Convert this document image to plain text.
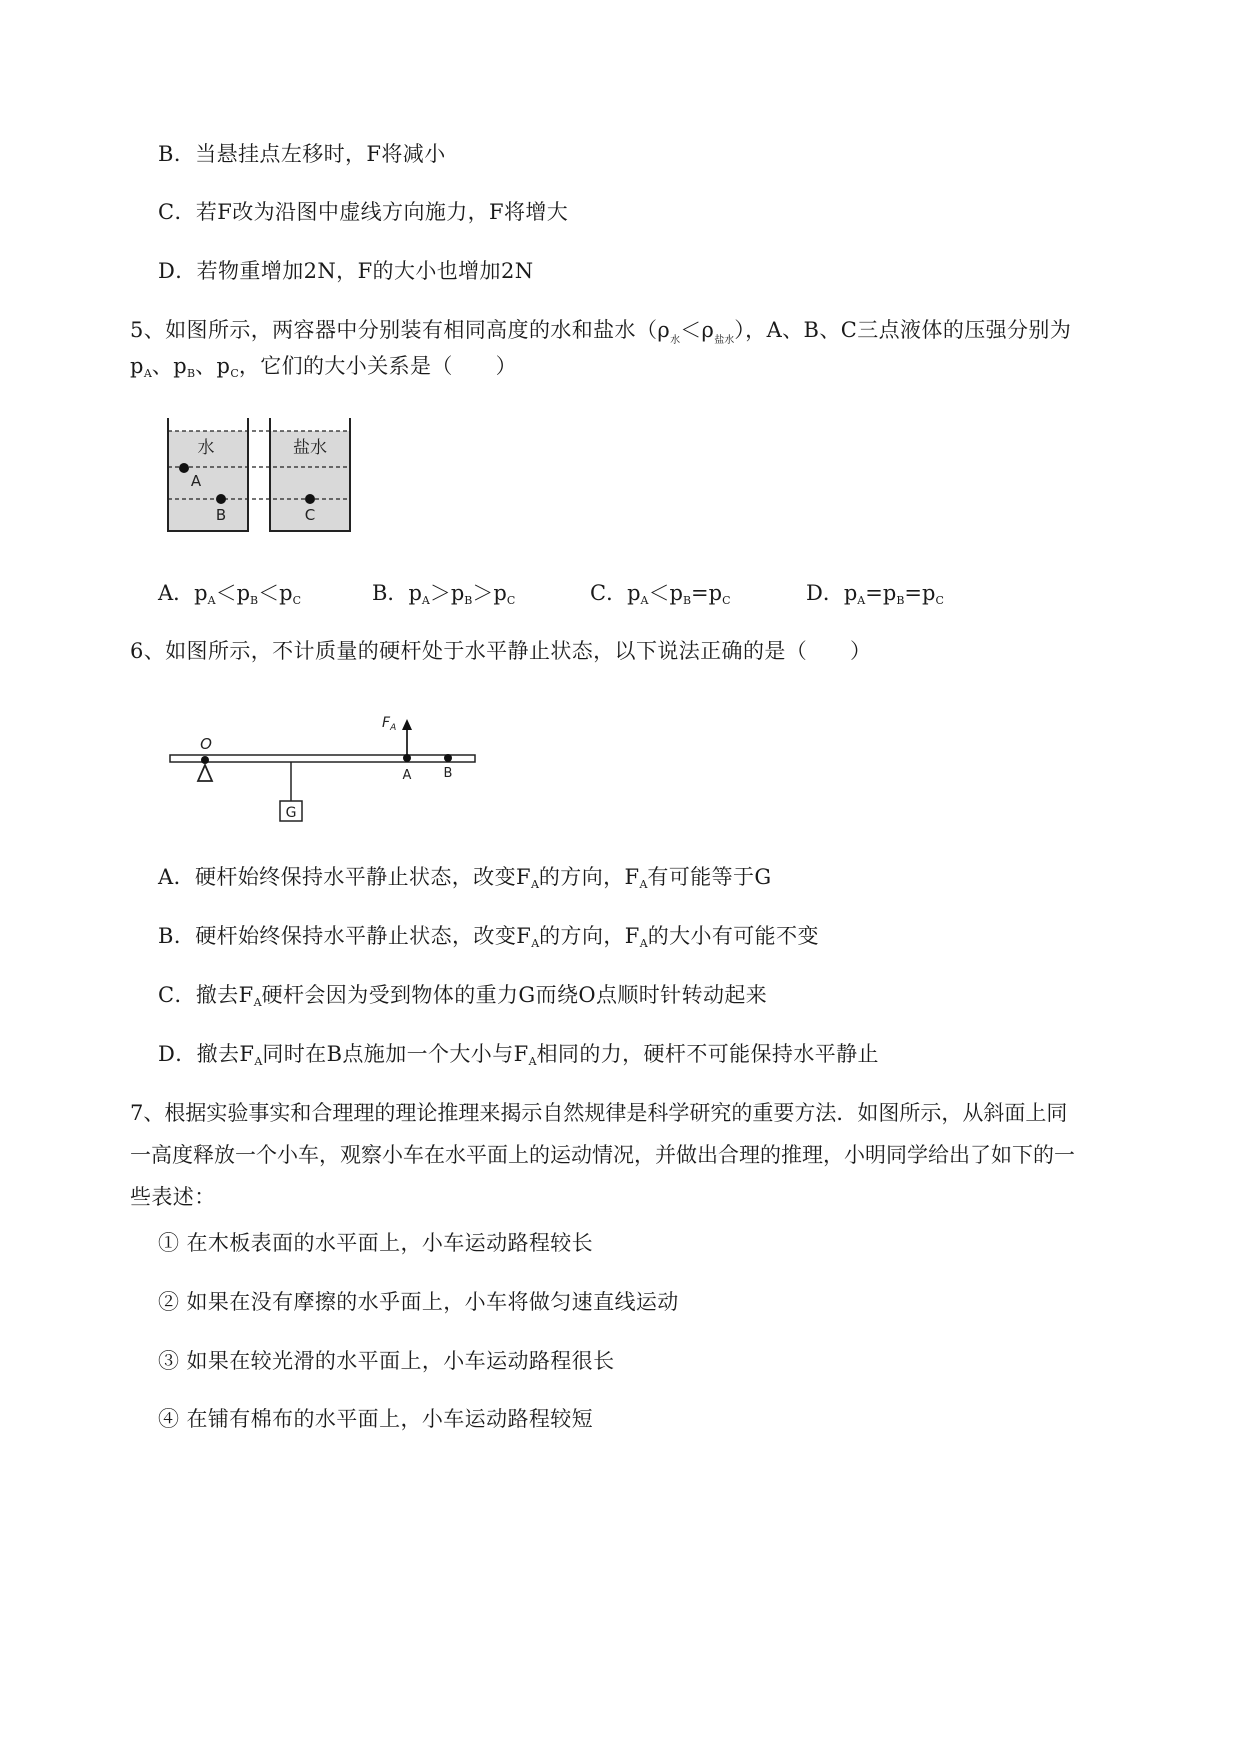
B．当悬挂点左移时，F将减小
C．若F改为沿图中虚线方向施力，F将增大
D．若物重增加2N，F的大小也增加2N
5、如图所示，两容器中分别装有相同高度的水和盐水$(\rho_水<\rho_{盐水})$，A、B、C三点液体的压强分别为
$p_A$、$p_B$、$p_C$，它们的大小关系是（　　）
水	盐水
A
B	C
A．$p_A<p_B<p_C$	B．$p_A>p_B>p_C$	C．$p_A<p_B=p_C$	D．$p_A=p_B=p_C$
6、如图所示，不计质量的硬杆处于水平静止状态，以下说法正确的是（　　）
O
G
$F_A$
A B
A．硬杆始终保持水平静止状态，改变$F_A$的方向，$F_A$有可能等于G
B．硬杆始终保持水平静止状态，改变$F_A$的方向，$F_A$的大小有可能不变
C．撤去$F_A$硬杆会因为受到物体的重力G而绕O点顺时针转动起来
D．撤去$F_A$同时在B点施加一个大小与$F_A$相同的力，硬杆不可能保持水平静止
7、根据实验事实和合理理的理论推理来揭示自然规律是科学研究的重要方法．如图所示，从斜面上同
一高度释放一个小车，观察小车在水平面上的运动情况，并做出合理的推理，小明同学给出了如下的一
些表述：
① 在木板表面的水平面上，小车运动路程较长
② 如果在没有摩擦的水乎面上，小车将做匀速直线运动
③ 如果在较光滑的水平面上，小车运动路程很长
④ 在铺有棉布的水平面上，小车运动路程较短
